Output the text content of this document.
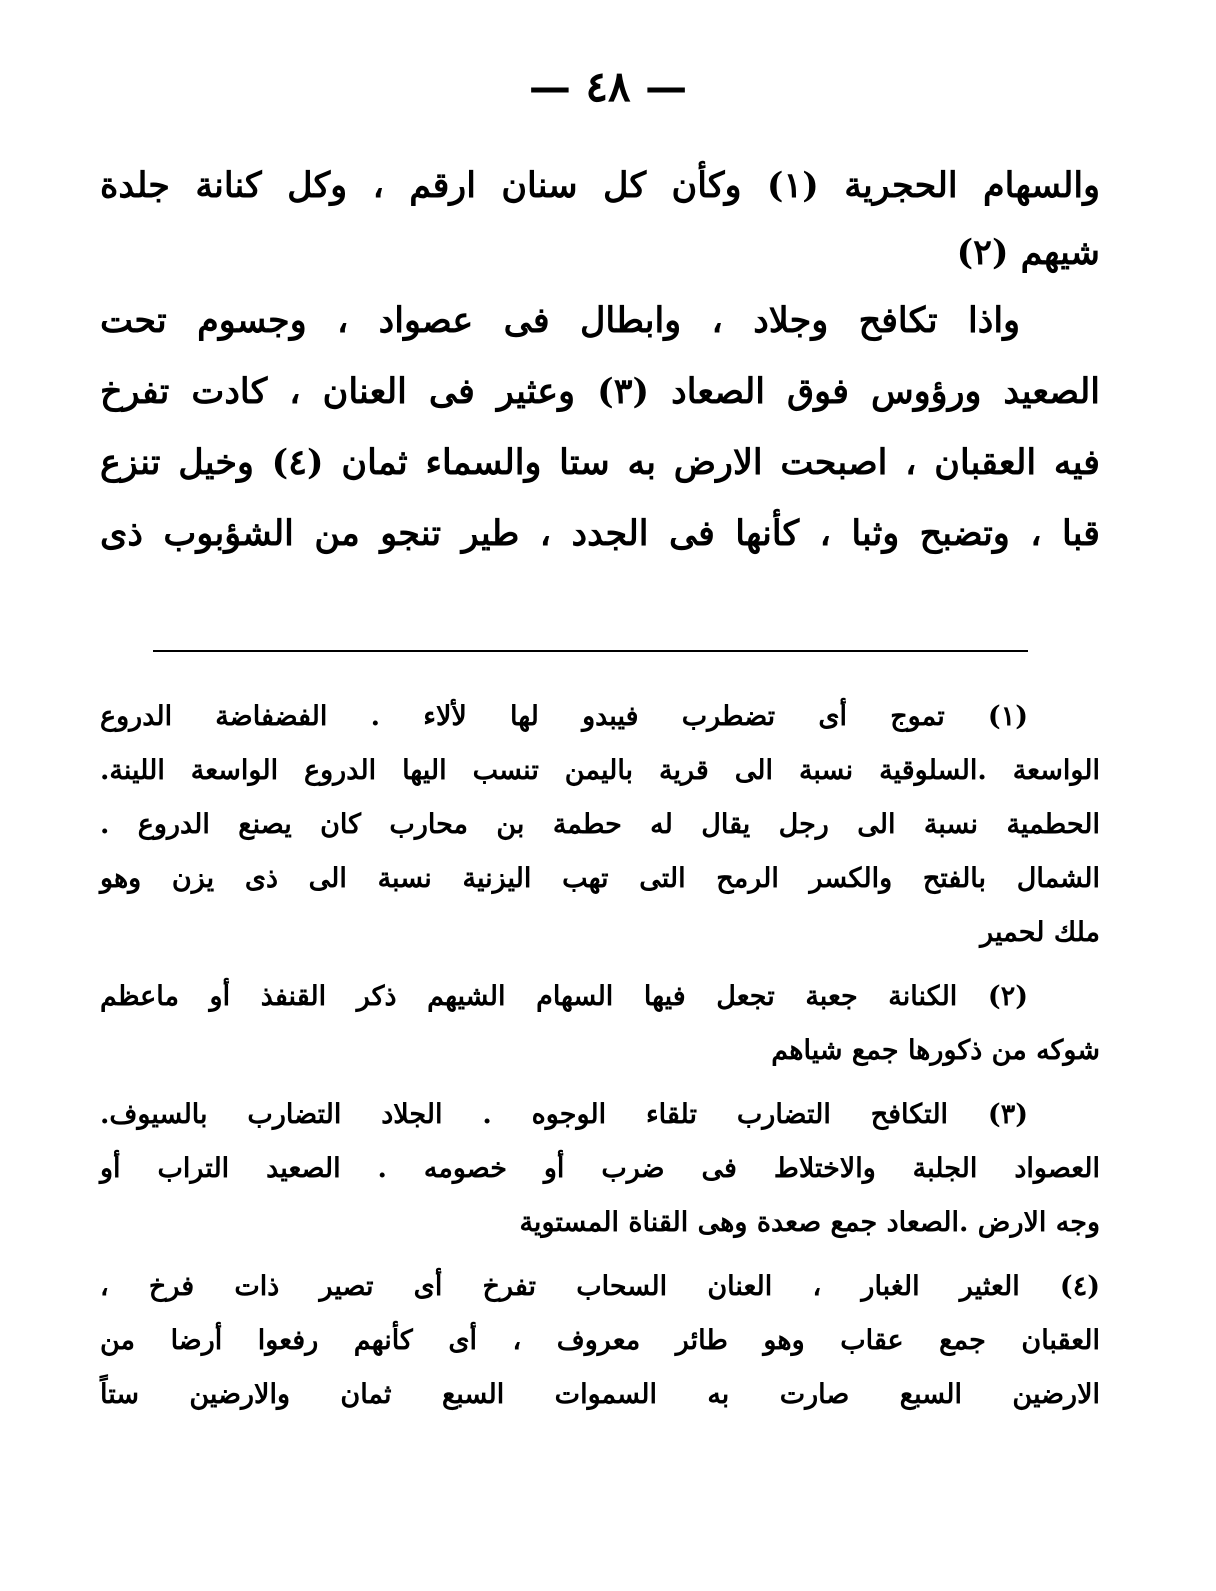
— ٤٨ —
والسهام الحجرية (١) وكأن كل سنان ارقم ، وكل كنانة جلدة
شيهم (٢)
واذا تكافح وجلاد ، وابطال فى عصواد ، وجسوم تحت
الصعيد ورؤوس فوق الصعاد (٣) وعثير فى العنان ، كادت تفرخ
فيه العقبان ، اصبحت الارض به ستا والسماء ثمان (٤) وخيل تنزع
قبا ، وتضبح وثبا ، كأنها فى الجدد ، طير تنجو من الشؤبوب ذى
(١) تموج أى تضطرب فيبدو لها لألاء . الفضفاضة الدروع
الواسعة .السلوقية نسبة الى قرية باليمن تنسب اليها الدروع الواسعة اللينة.
الحطمية نسبة الى رجل يقال له حطمة بن محارب كان يصنع الدروع .
الشمال بالفتح والكسر الرمح التى تهب اليزنية نسبة الى ذى يزن وهو
ملك لحمير
(٢) الكنانة جعبة تجعل فيها السهام الشيهم ذكر القنفذ أو ماعظم
شوكه من ذكورها جمع شياهم
(٣) التكافح التضارب تلقاء الوجوه . الجلاد التضارب بالسيوف.
العصواد الجلبة والاختلاط فى ضرب أو خصومه . الصعيد التراب أو
وجه الارض .الصعاد جمع صعدة وهى القناة المستوية
(٤) العثير الغبار ، العنان السحاب تفرخ أى تصير ذات فرخ ،
العقبان جمع عقاب وهو طائر معروف ، أى كأنهم رفعوا أرضا من
الارضين السبع صارت به السموات السبع ثمان والارضين ستاً
